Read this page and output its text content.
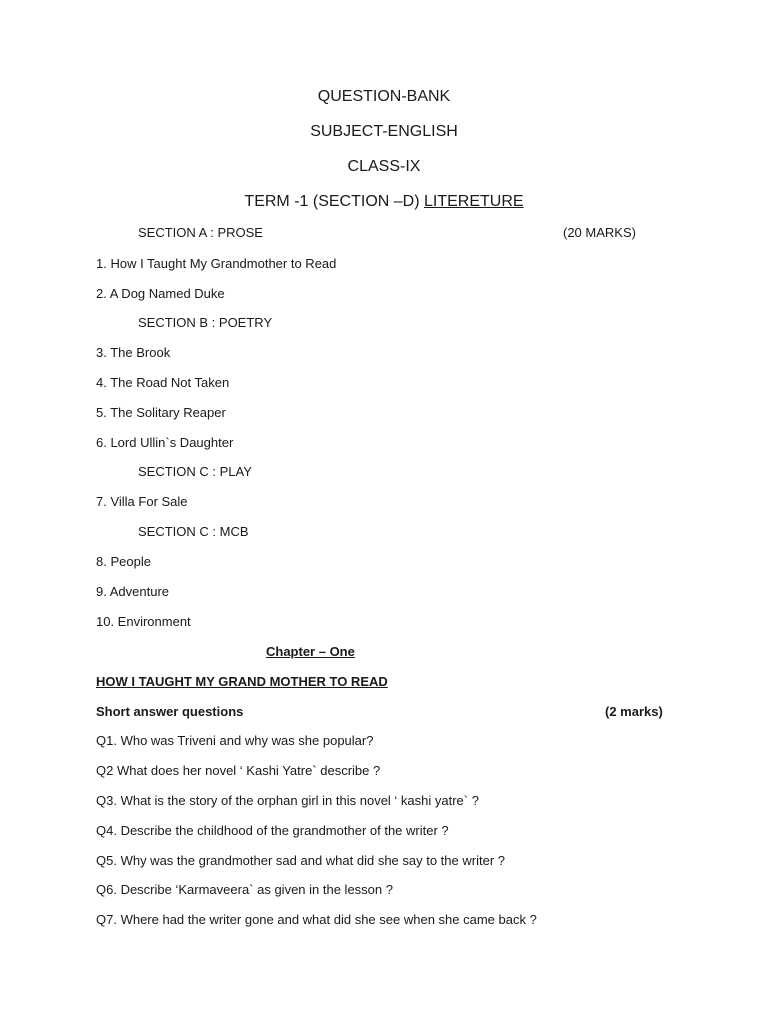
QUESTION-BANK
SUBJECT-ENGLISH
CLASS-IX
TERM -1 (SECTION –D) LITERETURE
SECTION A : PROSE	(20 MARKS)
1. How I Taught My Grandmother to Read
2. A Dog Named Duke
SECTION B : POETRY
3. The Brook
4. The Road Not Taken
5. The Solitary Reaper
6. Lord Ullin`s Daughter
SECTION C : PLAY
7. Villa For Sale
SECTION C : MCB
8. People
9. Adventure
10. Environment
Chapter – One
HOW I TAUGHT MY GRAND MOTHER TO READ
Short answer questions	(2 marks)
Q1. Who was Triveni and why was she popular?
Q2 What does her novel ‘ Kashi Yatre` describe ?
Q3. What is the story of the orphan girl in this novel ‘ kashi yatre` ?
Q4. Describe the childhood of the grandmother of the writer ?
Q5. Why was the grandmother sad and what did she say to the writer ?
Q6. Describe ‘Karmaveera` as given in the lesson ?
Q7. Where had the writer gone and what did she see when she came back ?
